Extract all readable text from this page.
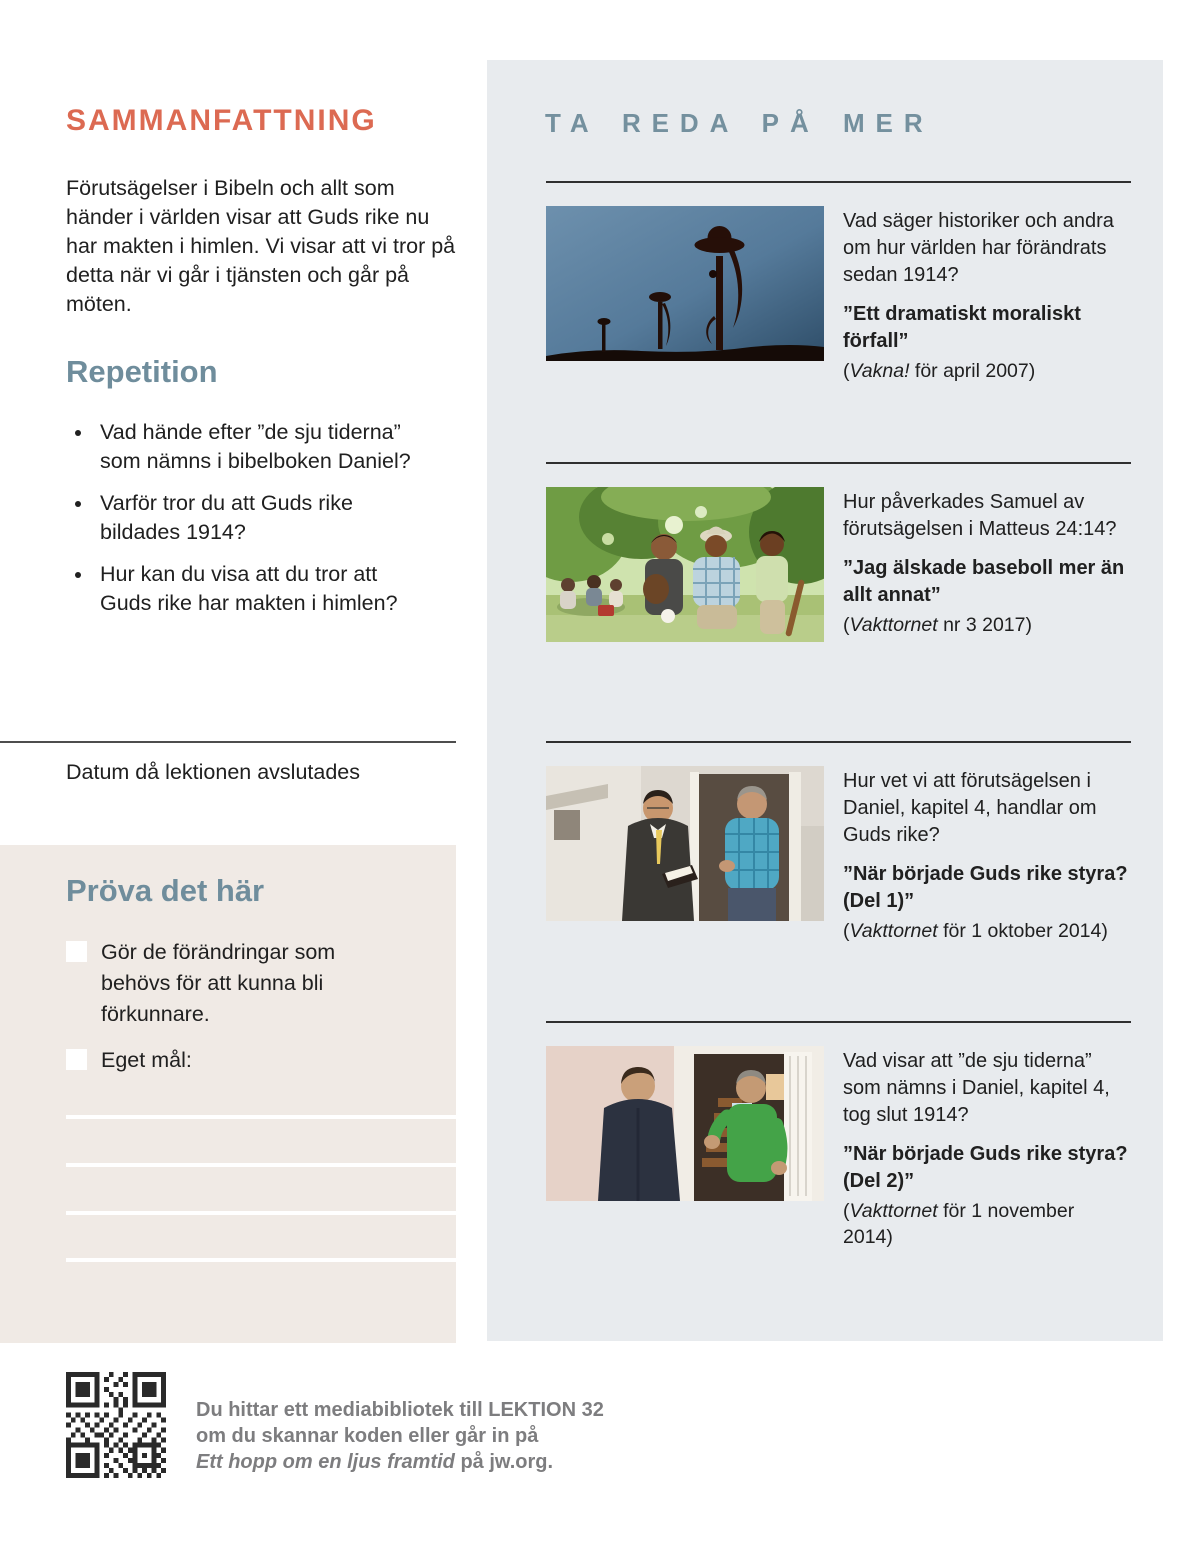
SAMMANFATTNING

Förutsägelser i Bibeln och allt som händer i världen visar att Guds rike nu har makten i himlen. Vi visar att vi tror på detta när vi går i tjänsten och går på möten.

Repetition
• Vad hände efter ”de sju tiderna” som nämns i bibelboken Daniel?
• Varför tror du att Guds rike bildades 1914?
• Hur kan du visa att du tror att Guds rike har makten i himlen?
Datum då lektionen avslutades
Pröva det här
Gör de förändringar som behövs för att kunna bli förkunnare.
Eget mål:
TA REDA PÅ MER

Vad säger historiker och andra om hur världen har förändrats sedan 1914?

”Ett dramatiskt moraliskt förfall”

(Vakna! för april 2007)

Hur påverkades Samuel av förutsägelsen i Matteus 24:14?

”Jag älskade baseboll mer än allt annat”

(Vakttornet nr 3 2017)

Hur vet vi att förutsägelsen i Daniel, kapitel 4, handlar om Guds rike?

”När började Guds rike styra? (Del 1)”

(Vakttornet för 1 oktober 2014)

Vad visar att ”de sju tiderna” som nämns i Daniel, kapitel 4, tog slut 1914?

”När började Guds rike styra? (Del 2)”

(Vakttornet för 1 november 2014)

Du hittar ett mediabibliotek till LEKTION 32

om du skannar koden eller går in på

Ett hopp om en ljus framtid på jw.org.
